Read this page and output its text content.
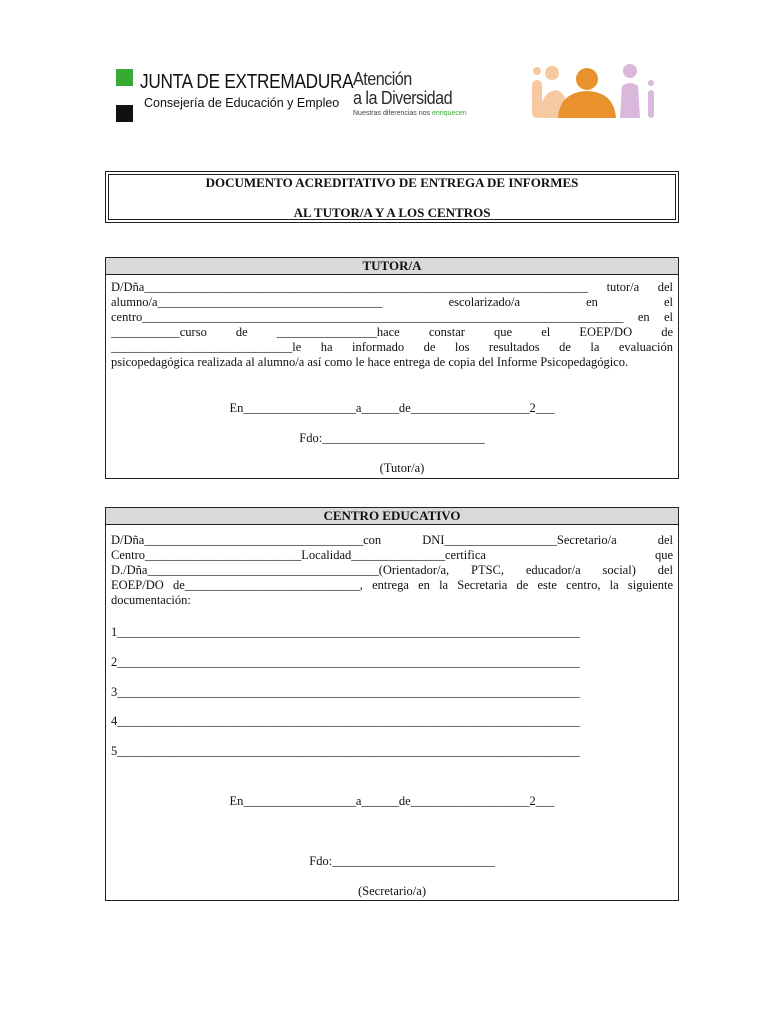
JUNTA DE EXTREMADURA
Consejería de Educación y Empleo
Atención
a la Diversidad
Nuestras diferencias nos enriquecen
DOCUMENTO ACREDITATIVO DE ENTREGA DE INFORMES
AL TUTOR/A Y A LOS CENTROS
TUTOR/A
D/Dña_______________________________________________________________________ tutor/a del
alumno/a____________________________________	escolarizado/a	en	el
centro_____________________________________________________________________________ en el
___________curso de ________________hace constar que el EOEP/DO de
_____________________________le ha informado de los resultados de la evaluación
psicopedagógica realizada al alumno/a así como le hace entrega de copia del Informe Psicopedagógico.
En__________________a______de___________________2___
Fdo:__________________________
(Tutor/a)
CENTRO EDUCATIVO
D/Dña___________________________________con	DNI__________________Secretario/a	del
Centro_________________________Localidad_______________certifica	que
D./Dña_____________________________________(Orientador/a, PTSC, educador/a social) del
EOEP/DO de____________________________, entrega en la Secretaria de este centro, la siguiente documentación:
1__________________________________________________________________________
2__________________________________________________________________________
3__________________________________________________________________________
4__________________________________________________________________________
5__________________________________________________________________________
En__________________a______de___________________2___
Fdo:__________________________
(Secretario/a)
